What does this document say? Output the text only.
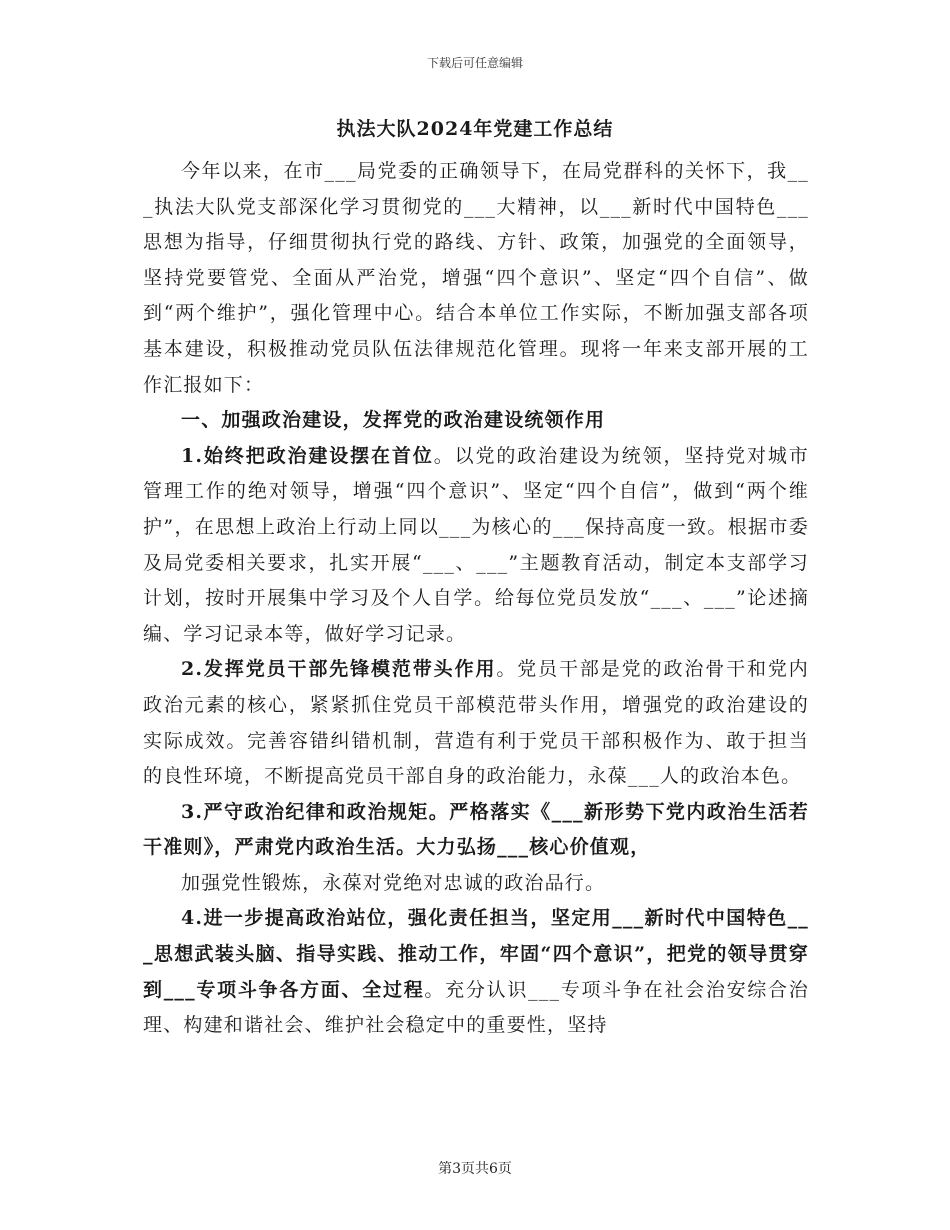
下载后可任意编辑
执法大队2024年党建工作总结

今年以来，在市___局党委的正确领导下，在局党群科的关怀下，我___执法大队党支部深化学习贯彻党的___大精神，以___新时代中国特色___思想为指导，仔细贯彻执行党的路线、方针、政策，加强党的全面领导，坚持党要管党、全面从严治党，增强“四个意识”、坚定“四个自信”、做到“两个维护”，强化管理中心。结合本单位工作实际，不断加强支部各项基本建设，积极推动党员队伍法律规范化管理。现将一年来支部开展的工作汇报如下：

一、加强政治建设，发挥党的政治建设统领作用

1.始终把政治建设摆在首位。以党的政治建设为统领，坚持党对城市管理工作的绝对领导，增强“四个意识”、坚定“四个自信”，做到“两个维护”，在思想上政治上行动上同以___为核心的___保持高度一致。根据市委及局党委相关要求，扎实开展“___、___”主题教育活动，制定本支部学习计划，按时开展集中学习及个人自学。给每位党员发放“___、___”论述摘编、学习记录本等，做好学习记录。

2.发挥党员干部先锋模范带头作用。党员干部是党的政治骨干和党内政治元素的核心，紧紧抓住党员干部模范带头作用，增强党的政治建设的实际成效。完善容错纠错机制，营造有利于党员干部积极作为、敢于担当的良性环境，不断提高党员干部自身的政治能力，永葆___人的政治本色。

3.严守政治纪律和政治规矩。严格落实《___新形势下党内政治生活若干准则》，严肃党内政治生活。大力弘扬___核心价值观，

加强党性锻炼，永葆对党绝对忠诚的政治品行。

4.进一步提高政治站位，强化责任担当，坚定用___新时代中国特色___思想武装头脑、指导实践、推动工作，牢固“四个意识”，把党的领导贯穿到___专项斗争各方面、全过程。充分认识___专项斗争在社会治安综合治理、构建和谐社会、维护社会稳定中的重要性，坚持

第3页共6页
